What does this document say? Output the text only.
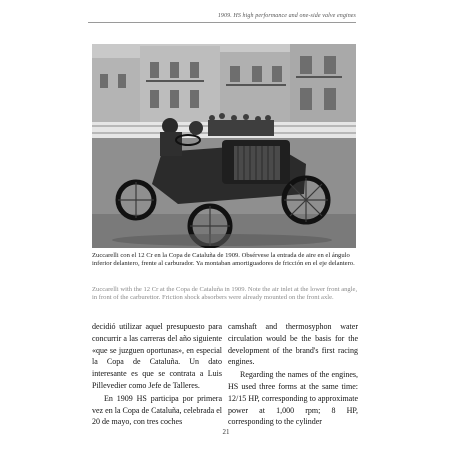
1909. HS high performance and one-side valve engines
Zuccarelli con el 12 Cr en la Copa de Cataluña de 1909. Obsérvese la entrada de aire en el ángulo inferior delantero, frente al carburador. Ya montaban amortiguadores de fricción en el eje delantero.
Zuccarelli with the 12 Cr at the Copa de Cataluña in 1909. Note the air inlet at the lower front angle, in front of the carburettor. Friction shock absorbers were already mounted on the front axle.

decidió utilizar aquel presupuesto para concurrir a las carreras del año siguiente «que se juzguen oportunas», en especial la Copa de Cataluña. Un dato interesante es que se contrata a Luis Pillevedier como Jefe de Talleres.

En 1909 HS participa por primera vez en la Copa de Cataluña, celebrada el 20 de mayo, con tres coches

camshaft and thermosyphon water circulation would be the basis for the development of the brand's first racing engines.

Regarding the names of the engines, HS used three forms at the same time: 12/15 HP, corresponding to approximate power at 1,000 rpm; 8 HP, corresponding to the cylinder

21
